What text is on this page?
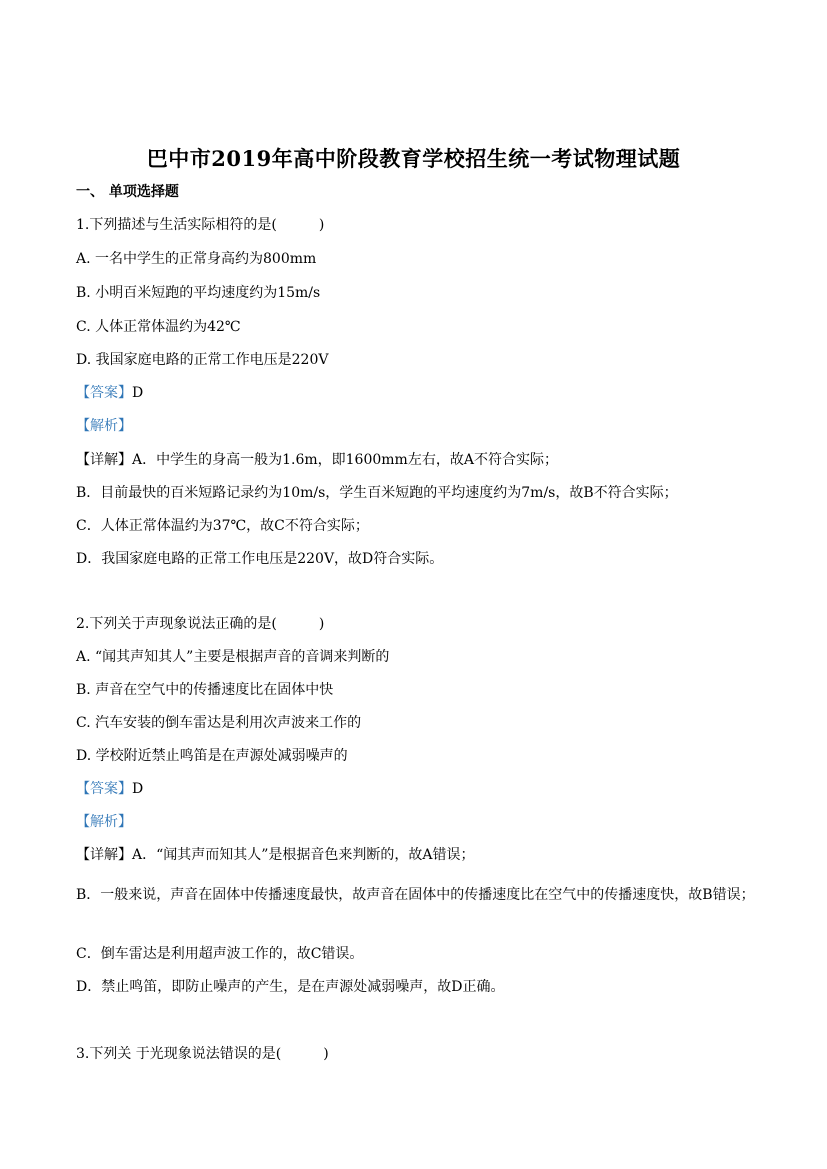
巴中市2019年高中阶段教育学校招生统一考试物理试题
一、 单项选择题
1.下列描述与生活实际相符的是(　　　)
A. 一名中学生的正常身高约为800mm
B. 小明百米短跑的平均速度约为15m/s
C. 人体正常体温约为42℃
D. 我国家庭电路的正常工作电压是220V
【答案】D
【解析】
【详解】A．中学生的身高一般为1.6m，即1600mm左右，故A不符合实际；
B．目前最快的百米短路记录约为10m/s，学生百米短跑的平均速度约为7m/s，故B不符合实际；
C．人体正常体温约为37℃，故C不符合实际；
D．我国家庭电路的正常工作电压是220V，故D符合实际。
2.下列关于声现象说法正确的是(　　　)
A. “闻其声知其人”主要是根据声音的音调来判断的
B. 声音在空气中的传播速度比在固体中快
C. 汽车安装的倒车雷达是利用次声波来工作的
D. 学校附近禁止鸣笛是在声源处减弱噪声的
【答案】D
【解析】
【详解】A．“闻其声而知其人”是根据音色来判断的，故A错误；
B．一般来说，声音在固体中传播速度最快，故声音在固体中的传播速度比在空气中的传播速度快，故B错误；
C．倒车雷达是利用超声波工作的，故C错误。
D．禁止鸣笛，即防止噪声的产生，是在声源处减弱噪声，故D正确。
3.下列关 于光现象说法错误的是(　　　)
